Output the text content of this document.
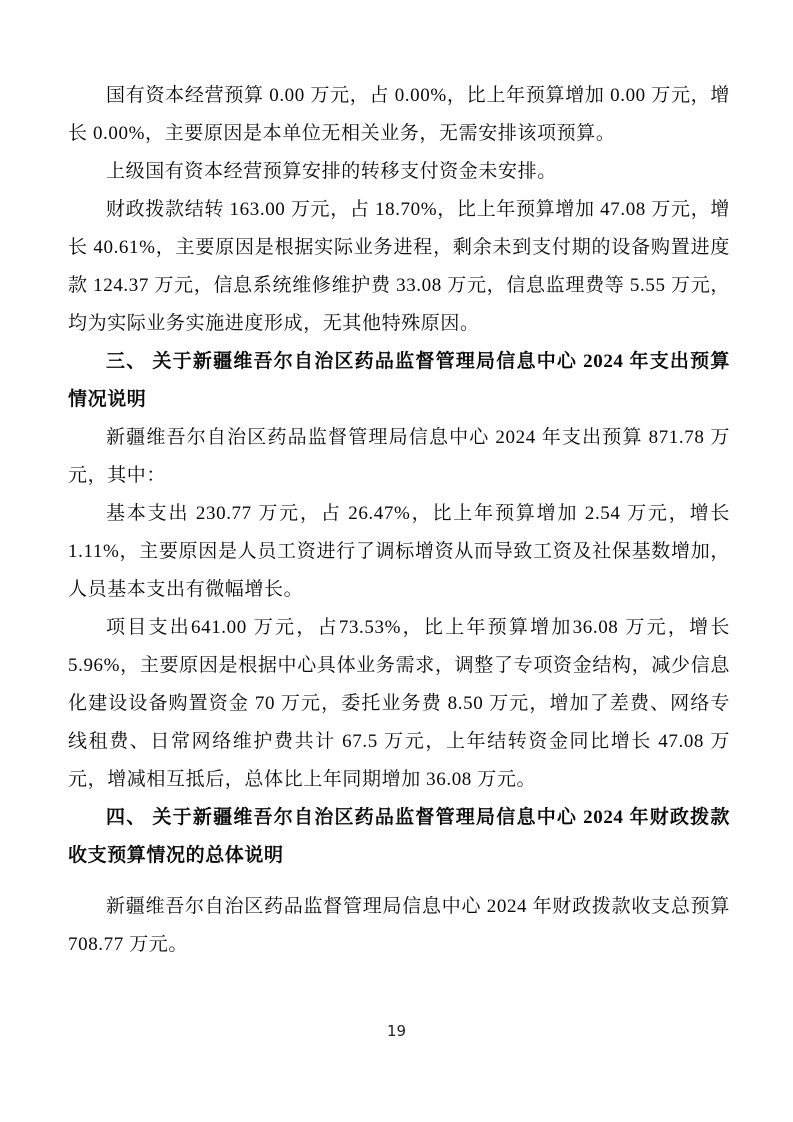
国有资本经营预算 0.00 万元，占 0.00%，比上年预算增加 0.00 万元，增长 0.00%，主要原因是本单位无相关业务，无需安排该项预算。

上级国有资本经营预算安排的转移支付资金未安排。

财政拨款结转 163.00 万元，占 18.70%，比上年预算增加 47.08 万元，增长 40.61%，主要原因是根据实际业务进程，剩余未到支付期的设备购置进度款 124.37 万元，信息系统维修维护费 33.08 万元，信息监理费等 5.55 万元，均为实际业务实施进度形成，无其他特殊原因。

三、 关于新疆维吾尔自治区药品监督管理局信息中心 2024 年支出预算情况说明

新疆维吾尔自治区药品监督管理局信息中心 2024 年支出预算 871.78 万元，其中：

基本支出 230.77 万元，占 26.47%，比上年预算增加 2.54 万元，增长 1.11%，主要原因是人员工资进行了调标增资从而导致工资及社保基数增加，人员基本支出有微幅增长。

项目支出641.00 万元，占73.53%，比上年预算增加36.08 万元，增长5.96%，主要原因是根据中心具体业务需求，调整了专项资金结构，减少信息化建设设备购置资金 70 万元，委托业务费 8.50 万元，增加了差费、网络专线租费、日常网络维护费共计 67.5 万元，上年结转资金同比增长 47.08 万元，增减相互抵后，总体比上年同期增加 36.08 万元。

四、 关于新疆维吾尔自治区药品监督管理局信息中心 2024 年财政拨款收支预算情况的总体说明

新疆维吾尔自治区药品监督管理局信息中心 2024 年财政拨款收支总预算 708.77 万元。

19
